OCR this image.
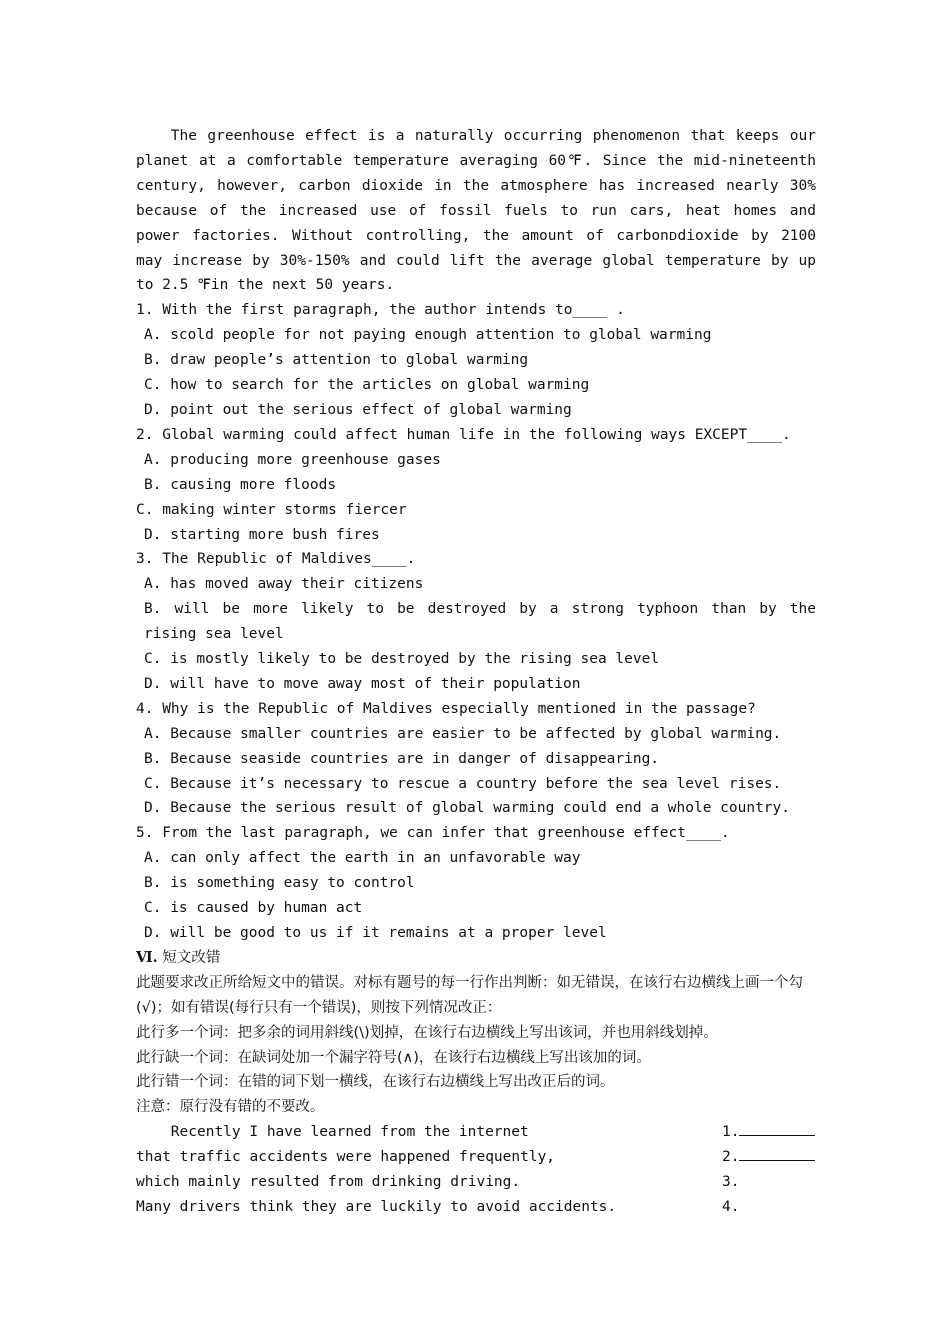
The greenhouse effect is a naturally occurring phenomenon that keeps our planet at a comfortable temperature averaging 60℉. Since the mid-nineteenth century, however, carbon dioxide in the atmosphere has increased nearly 30% because of the increased use of fossil fuels to run cars, heat homes and power factories. Without controlling, the amount of carbonᴅdioxide by 2100 may increase by 30%-150% and could lift the average global temperature by up to 2.5 ℉in the next 50 years.

1. With the first paragraph, the author intends to____ .

A. scold people for not paying enough attention to global warming

B. draw people’s attention to global warming

C. how to search for the articles on global warming

D. point out the serious effect of global warming

2. Global warming could affect human life in the following ways EXCEPT____.

A. producing more greenhouse gases

B. causing more floods

C. making winter storms fiercer

D. starting more bush fires

3. The Republic of Maldives____.

A. has moved away their citizens

B. will be more likely to be destroyed by a strong typhoon than by the rising sea level

C. is mostly likely to be destroyed by the rising sea level

D. will have to move away most of their population

4. Why is the Republic of Maldives especially mentioned in the passage?

A. Because smaller countries are easier to be affected by global warming.

B. Because seaside countries are in danger of disappearing.

C. Because it’s necessary to rescue a country before the sea level rises.

D. Because the serious result of global warming could end a whole country.

5. From the last paragraph, we can infer that greenhouse effect____.

A. can only affect the earth in an unfavorable way

B. is something easy to control

C. is caused by human act

D. will be good to us if it remains at a proper level

Ⅵ. 短文改错

此题要求改正所给短文中的错误。对标有题号的每一行作出判断：如无错误，在该行右边横线上画一个勾(√)；如有错误(每行只有一个错误)，则按下列情况改正：

此行多一个词：把多余的词用斜线(\)划掉，在该行右边横线上写出该词，并也用斜线划掉。

此行缺一个词：在缺词处加一个漏字符号(∧)，在该行右边横线上写出该加的词。

此行错一个词：在错的词下划一横线，在该行右边横线上写出改正后的词。

注意：原行没有错的不要改。

Recently I have learned from the internet	1.
that traffic accidents were happened frequently,	2.
which mainly resulted from drinking driving.	3.
Many drivers think they are luckily to avoid accidents.	4.
